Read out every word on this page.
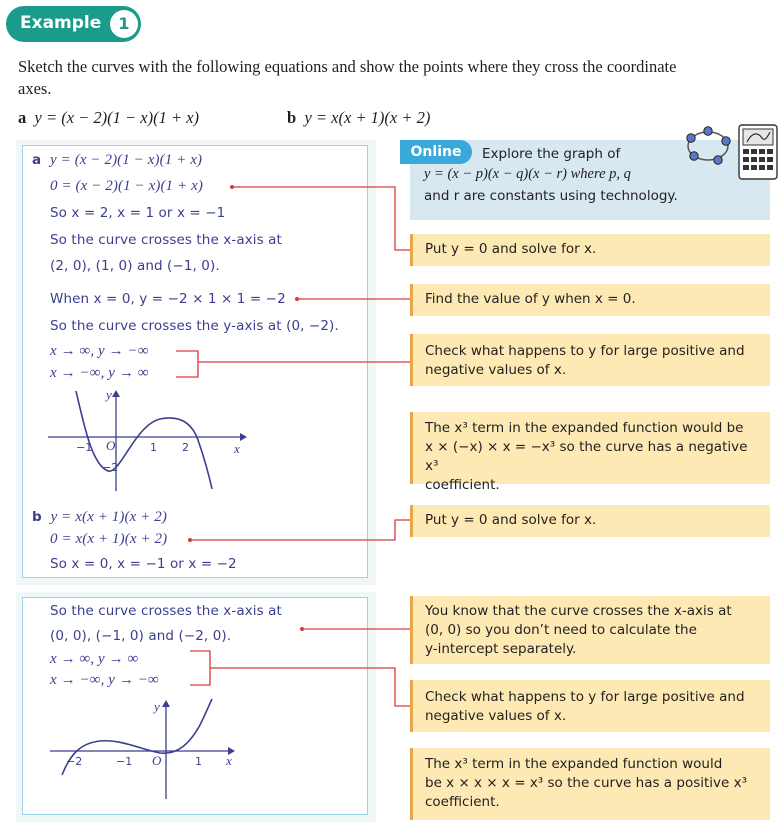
Example	1
Sketch the curves with the following equations and show the points where they cross the coordinate axes.
a y = (x − 2)(1 − x)(1 + x)	b y = x(x + 1)(x + 2)
a y = (x − 2)(1 − x)(1 + x)
0 = (x − 2)(1 − x)(1 + x)
So x = 2, x = 1 or x = −1
So the curve crosses the x-axis at
(2, 0), (1, 0) and (−1, 0).
When x = 0, y = −2 × 1 × 1 = −2
So the curve crosses the y-axis at (0, −2).
x → ∞, y → −∞
x → −∞, y → ∞
y
x
O
−1	1 2
−2
b y = x(x + 1)(x + 2)
0 = x(x + 1)(x + 2)
So x = 0, x = −1 or x = −2
So the curve crosses the x-axis at
(0, 0), (−1, 0) and (−2, 0).
x → ∞, y → ∞
x → −∞, y → −∞
y
x
O
−2	−1	1
Online	Explore the graph of
y = (x − p)(x − q)(x − r) where p, q
and r are constants using technology.
Put y = 0 and solve for x.
Find the value of y when x = 0.
Check what happens to y for large positive and
negative values of x.
The x³ term in the expanded function would be
x × (−x) × x = −x³ so the curve has a negative x³
coefficient.
Put y = 0 and solve for x.
You know that the curve crosses the x-axis at
(0, 0) so you don’t need to calculate the
y-intercept separately.
Check what happens to y for large positive and
negative values of x.
The x³ term in the expanded function would
be x × x × x = x³ so the curve has a positive x³
coefficient.
